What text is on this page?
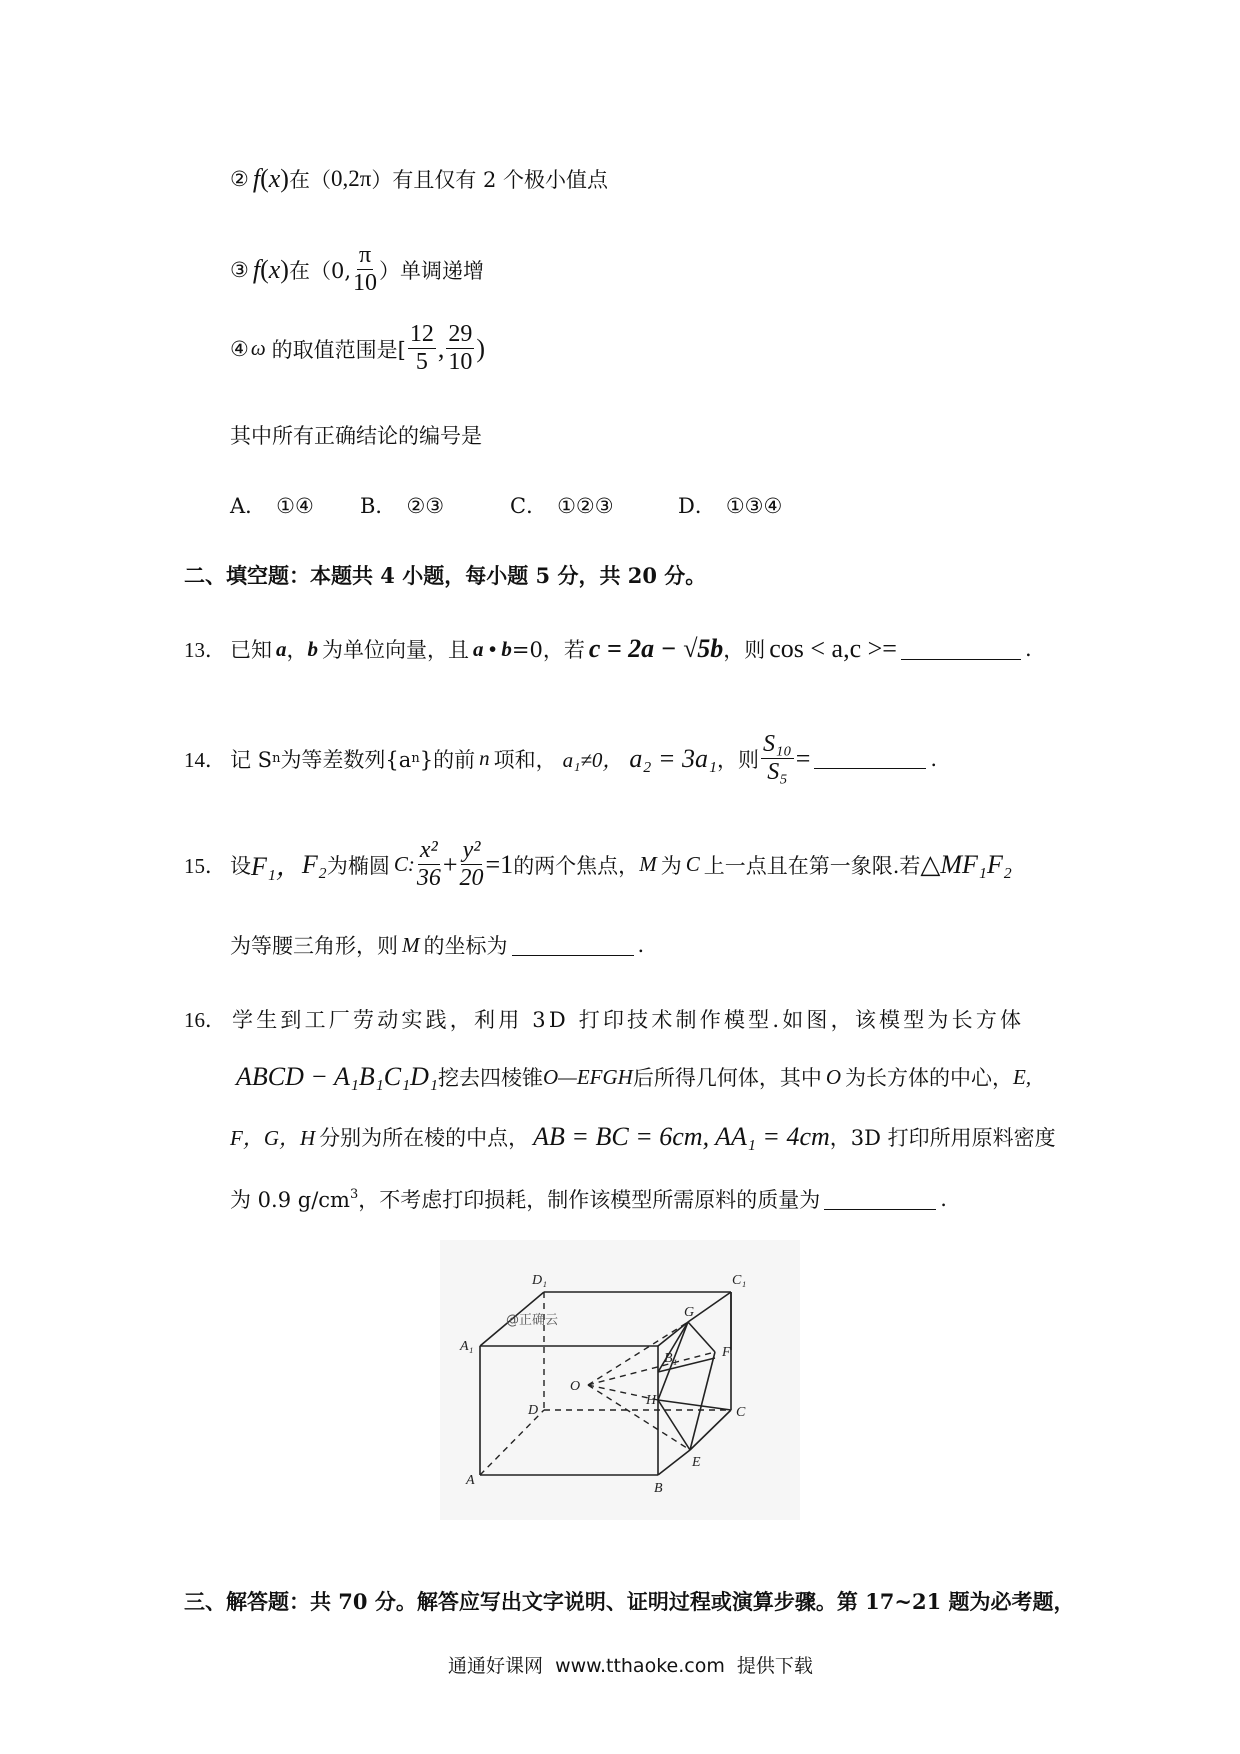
② f ( x ) 在（ 0,2π ）有且仅有 2 个极小值点
③ f ( x ) 在（0, $\frac{\pi}{10}$ ）单调递增
④ ω 的取值范围是[ $\frac{12}{5}$ , $\frac{29}{10}$ )
其中所有正确结论的编号是
A． ①④	B． ②③	C． ①②③	D． ①③④
二、填空题：本题共 4 小题，每小题 5 分，共 20 分。
13． 已知 a ， b 为单位向量，且 a • b =0，若 c = 2a − √5b ，则 cos < a,c >=	.
14． 记 S n 为等差数列{a n }的前 n 项和， a₁≠0， a₂ = 3a₁ ，则 $\frac{\text{S₁₀}}{\text{S₅}}$ =	.
15． 设 F₁， F₂ 为椭圆 C: $\frac{\text{x²}}{36} + \frac{\text{y²}}{20} =1$ 的两个焦点， M 为 C 上一点且在第一象限.若 △MF₁F₂
为等腰三角形，则 M 的坐标为	.
16． 学生到工厂劳动实践，利用 3D 打印技术制作模型.如图，该模型为长方体
ABCD − A₁B₁C₁D₁ 挖去四棱锥 O—EFGH 后所得几何体，其中 O 为长方体的中心， E,
F，G，H 分别为所在棱的中点， AB = BC = 6cm, AA₁ = 4cm ，3D 打印所用原料密度
为 0.9 $g/cm^3$ ，不考虑打印损耗，制作该模型所需原料的质量为	.
D₁	C₁
A₁
B₁
G
F
O
H
D	C
E
A
B
@正确云
三、解答题：共 70 分。解答应写出文字说明、证明过程或演算步骤。第 17~21 题为必考题，
通通好课网  www.tthaoke.com  提供下载
